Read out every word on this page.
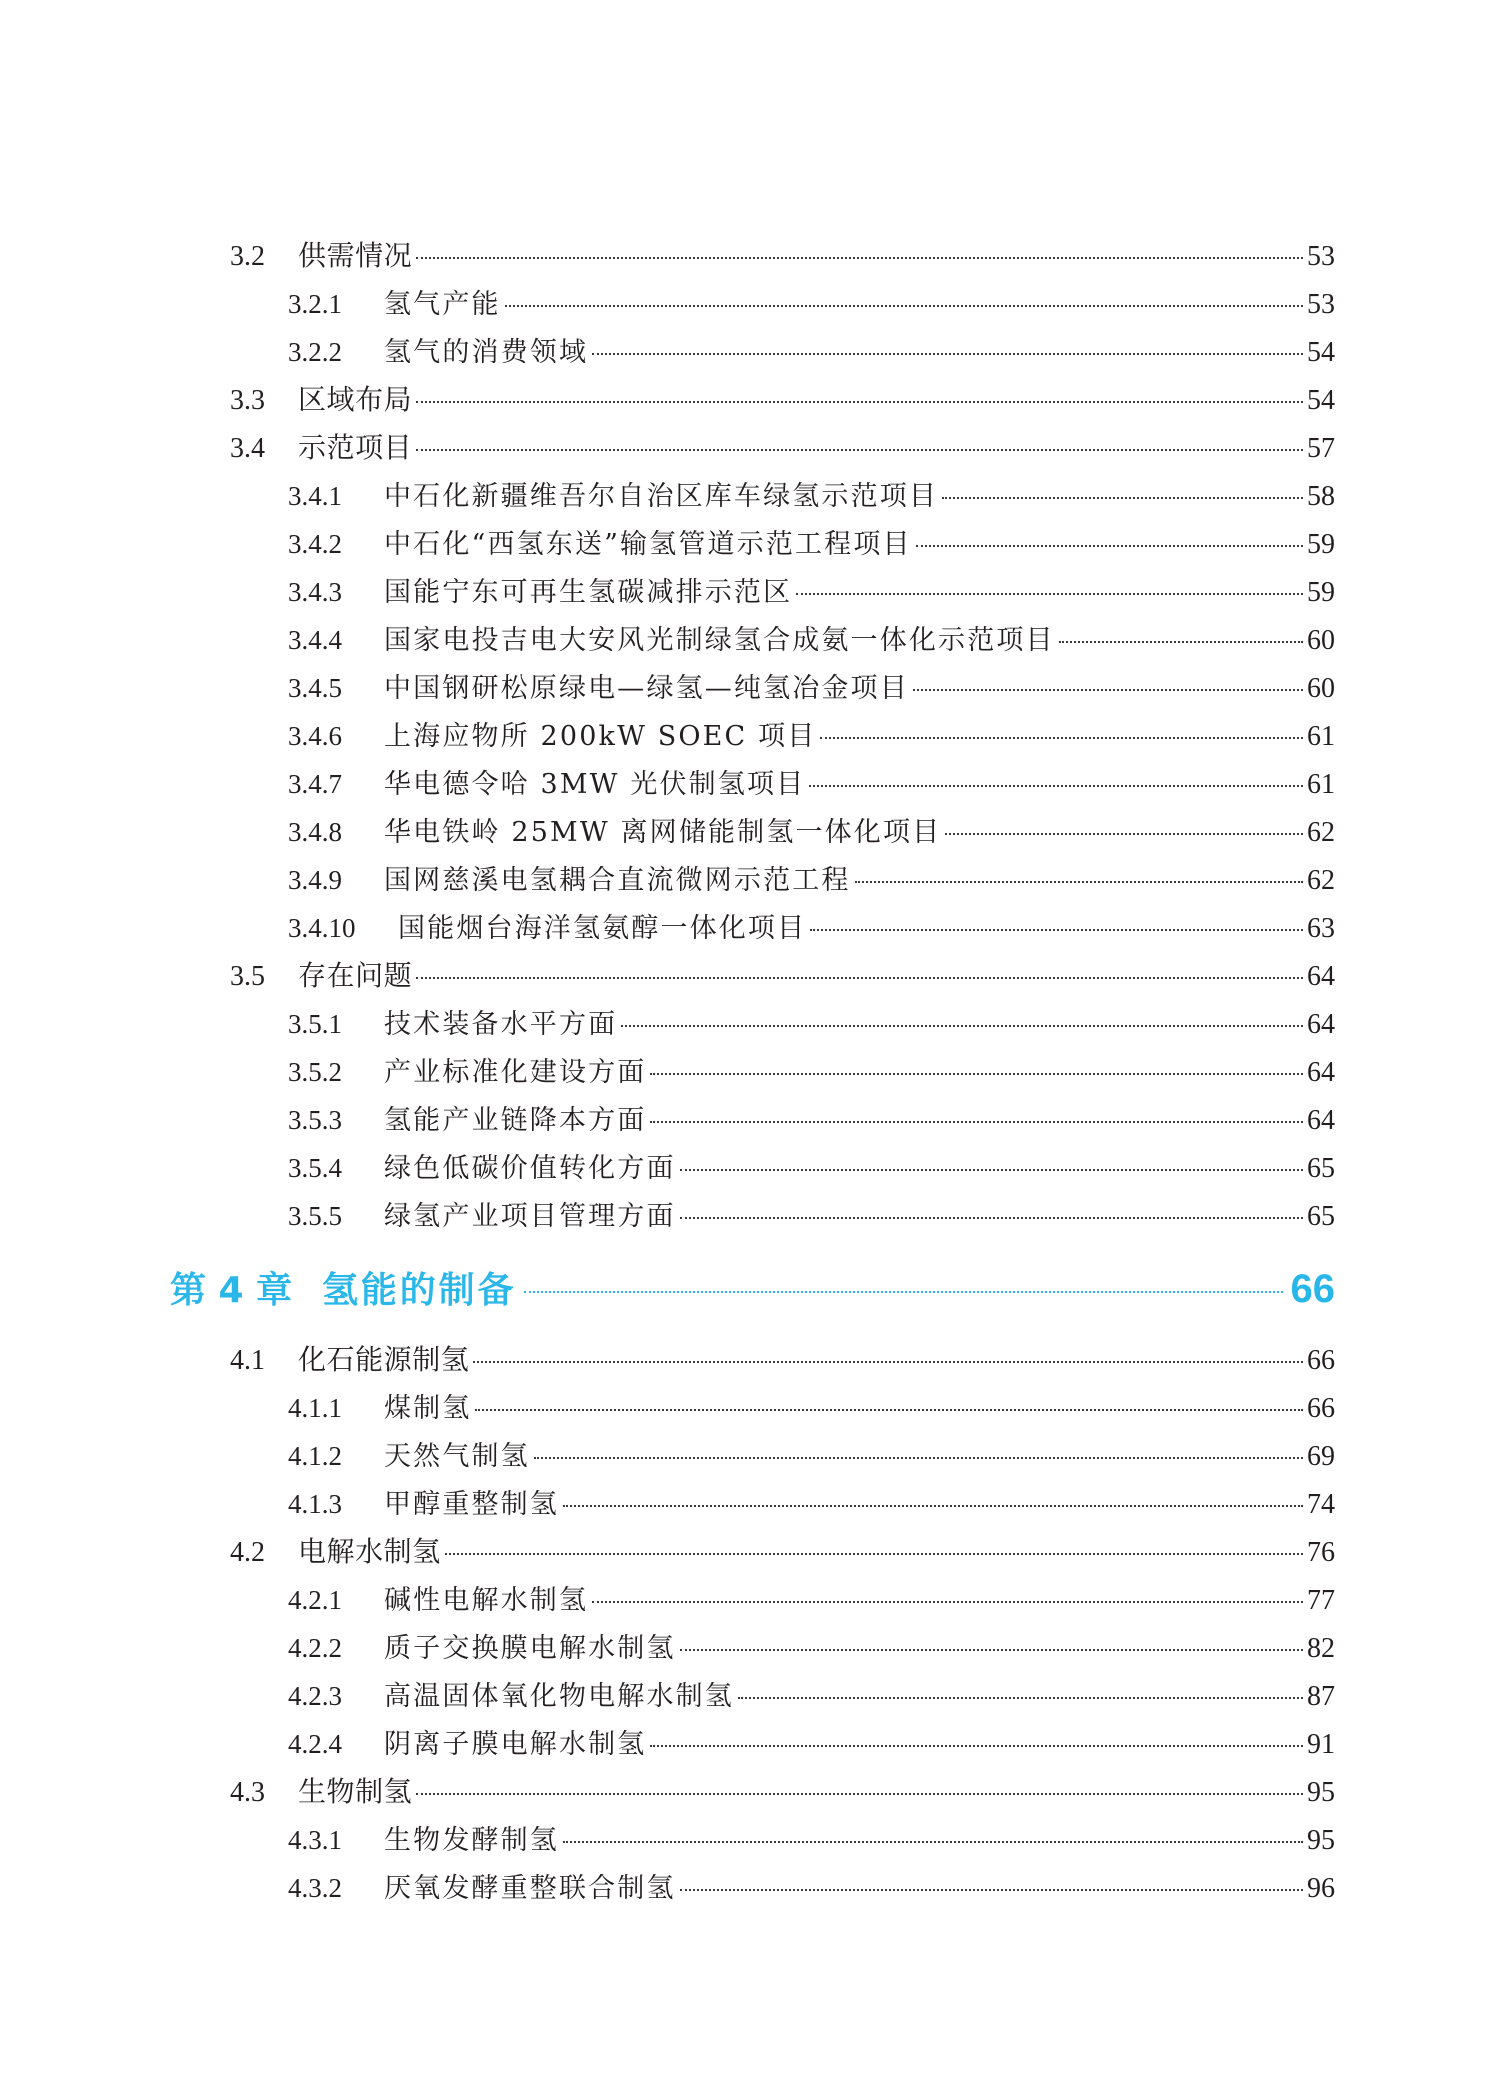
3.2	供需情况	53
3.2.1	氢气产能	53
3.2.2	氢气的消费领域	54
3.3	区域布局	54
3.4	示范项目	57
3.4.1	中石化新疆维吾尔自治区库车绿氢示范项目	58
3.4.2	中石化“西氢东送”输氢管道示范工程项目	59
3.4.3	国能宁东可再生氢碳减排示范区	59
3.4.4	国家电投吉电大安风光制绿氢合成氨一体化示范项目	60
3.4.5	中国钢研松原绿电—绿氢—纯氢冶金项目	60
3.4.6	上海应物所 200kW SOEC 项目	61
3.4.7	华电德令哈 3MW 光伏制氢项目	61
3.4.8	华电铁岭 25MW 离网储能制氢一体化项目	62
3.4.9	国网慈溪电氢耦合直流微网示范工程	62
3.4.10	国能烟台海洋氢氨醇一体化项目	63
3.5	存在问题	64
3.5.1	技术装备水平方面	64
3.5.2	产业标准化建设方面	64
3.5.3	氢能产业链降本方面	64
3.5.4	绿色低碳价值转化方面	65
3.5.5	绿氢产业项目管理方面	65
第 4 章 氢能的制备	66
4.1	化石能源制氢	66
4.1.1	煤制氢	66
4.1.2	天然气制氢	69
4.1.3	甲醇重整制氢	74
4.2	电解水制氢	76
4.2.1	碱性电解水制氢	77
4.2.2	质子交换膜电解水制氢	82
4.2.3	高温固体氧化物电解水制氢	87
4.2.4	阴离子膜电解水制氢	91
4.3	生物制氢	95
4.3.1	生物发酵制氢	95
4.3.2	厌氧发酵重整联合制氢	96
